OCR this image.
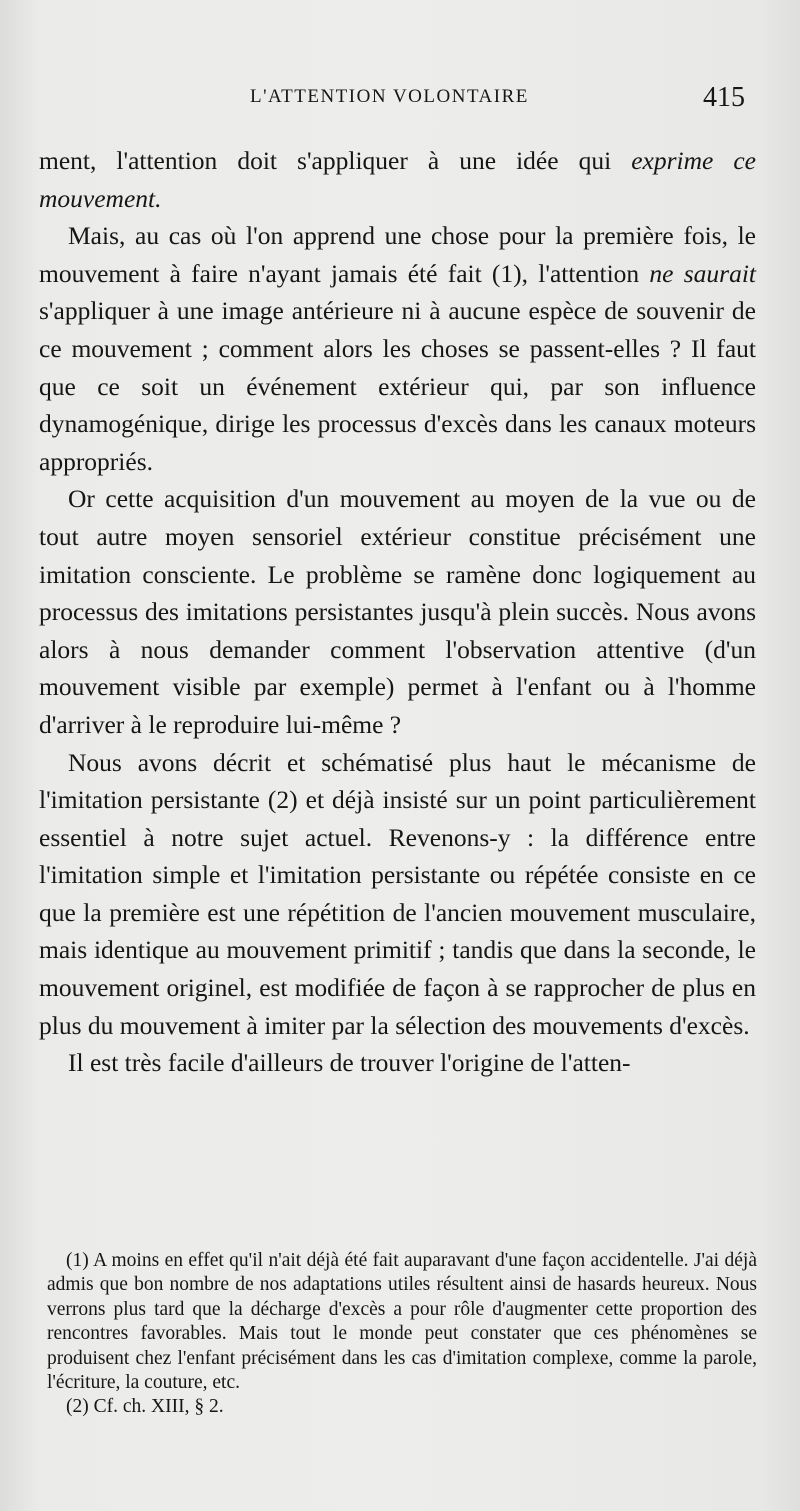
L'ATTENTION VOLONTAIRE	415

ment, l'attention doit s'appliquer à une idée qui exprime ce mouvement.

Mais, au cas où l'on apprend une chose pour la première fois, le mouvement à faire n'ayant jamais été fait (1), l'attention ne saurait s'appliquer à une image antérieure ni à aucune espèce de souvenir de ce mouvement ; comment alors les choses se passent-elles ? Il faut que ce soit un événement extérieur qui, par son influence dynamogénique, dirige les processus d'excès dans les canaux moteurs appropriés.

Or cette acquisition d'un mouvement au moyen de la vue ou de tout autre moyen sensoriel extérieur constitue précisément une imitation consciente. Le problème se ramène donc logiquement au processus des imitations persistantes jusqu'à plein succès. Nous avons alors à nous demander comment l'observation attentive (d'un mouvement visible par exemple) permet à l'enfant ou à l'homme d'arriver à le reproduire lui-même ?

Nous avons décrit et schématisé plus haut le mécanisme de l'imitation persistante (2) et déjà insisté sur un point particulièrement essentiel à notre sujet actuel. Revenons-y : la différence entre l'imitation simple et l'imitation persistante ou répétée consiste en ce que la première est une répétition de l'ancien mouvement musculaire, mais identique au mouvement primitif ; tandis que dans la seconde, le mouvement originel, est modifiée de façon à se rapprocher de plus en plus du mouvement à imiter par la sélection des mouvements d'excès.

Il est très facile d'ailleurs de trouver l'origine de l'atten-

(1) A moins en effet qu'il n'ait déjà été fait auparavant d'une façon accidentelle. J'ai déjà admis que bon nombre de nos adaptations utiles résultent ainsi de hasards heureux. Nous verrons plus tard que la décharge d'excès a pour rôle d'augmenter cette proportion des rencontres favorables. Mais tout le monde peut constater que ces phénomènes se produisent chez l'enfant précisément dans les cas d'imitation complexe, comme la parole, l'écriture, la couture, etc.

(2) Cf. ch. XIII, § 2.
